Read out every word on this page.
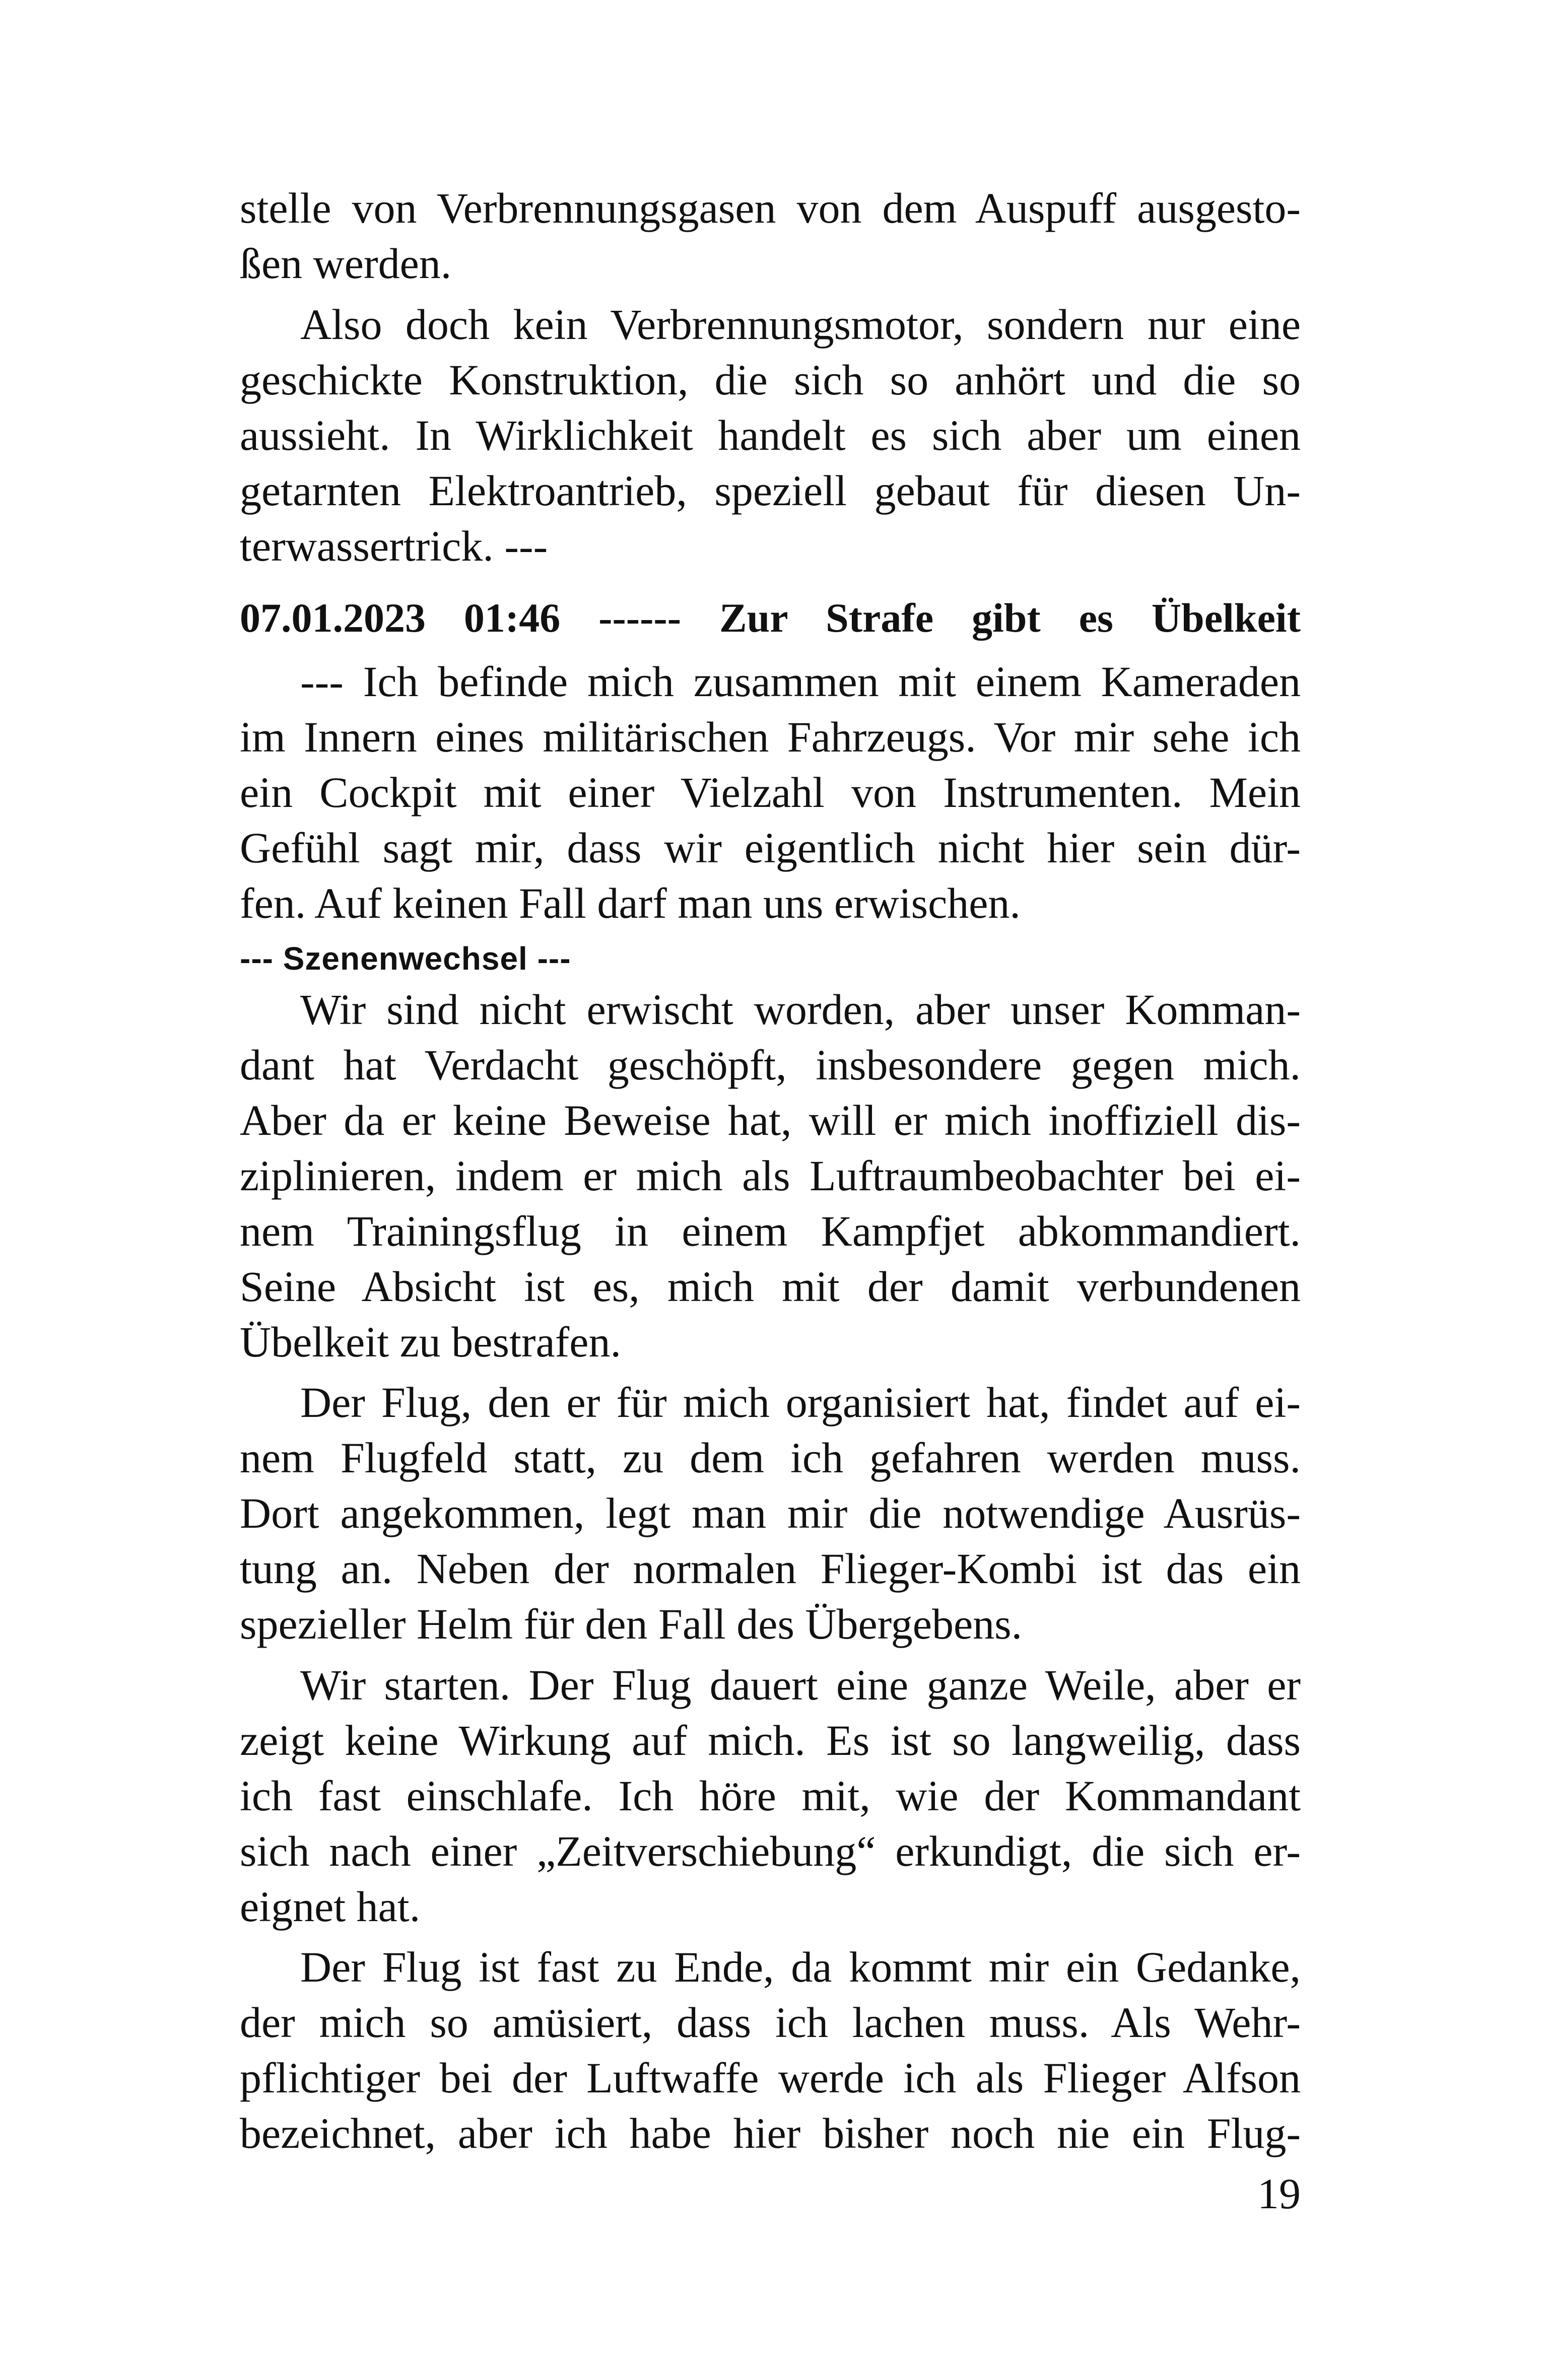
stelle von Verbrennungsgasen von dem Auspuff ausgesto-
ßen werden.
Also doch kein Verbrennungsmotor, sondern nur eine
geschickte Konstruktion, die sich so anhört und die so
aussieht. In Wirklichkeit handelt es sich aber um einen
getarnten Elektroantrieb, speziell gebaut für diesen Un-
terwassertrick. ---
07.01.2023 01:46 ------ Zur Strafe gibt es Übelkeit
--- Ich befinde mich zusammen mit einem Kameraden
im Innern eines militärischen Fahrzeugs. Vor mir sehe ich
ein Cockpit mit einer Vielzahl von Instrumenten. Mein
Gefühl sagt mir, dass wir eigentlich nicht hier sein dür-
fen. Auf keinen Fall darf man uns erwischen.
--- Szenenwechsel ---
Wir sind nicht erwischt worden, aber unser Komman-
dant hat Verdacht geschöpft, insbesondere gegen mich.
Aber da er keine Beweise hat, will er mich inoffiziell dis-
ziplinieren, indem er mich als Luftraumbeobachter bei ei-
nem Trainingsflug in einem Kampfjet abkommandiert.
Seine Absicht ist es, mich mit der damit verbundenen
Übelkeit zu bestrafen.
Der Flug, den er für mich organisiert hat, findet auf ei-
nem Flugfeld statt, zu dem ich gefahren werden muss.
Dort angekommen, legt man mir die notwendige Ausrüs-
tung an. Neben der normalen Flieger-Kombi ist das ein
spezieller Helm für den Fall des Übergebens.
Wir starten. Der Flug dauert eine ganze Weile, aber er
zeigt keine Wirkung auf mich. Es ist so langweilig, dass
ich fast einschlafe. Ich höre mit, wie der Kommandant
sich nach einer „Zeitverschiebung“ erkundigt, die sich er-
eignet hat.
Der Flug ist fast zu Ende, da kommt mir ein Gedanke,
der mich so amüsiert, dass ich lachen muss. Als Wehr-
pflichtiger bei der Luftwaffe werde ich als Flieger Alfson
bezeichnet, aber ich habe hier bisher noch nie ein Flug-
19
